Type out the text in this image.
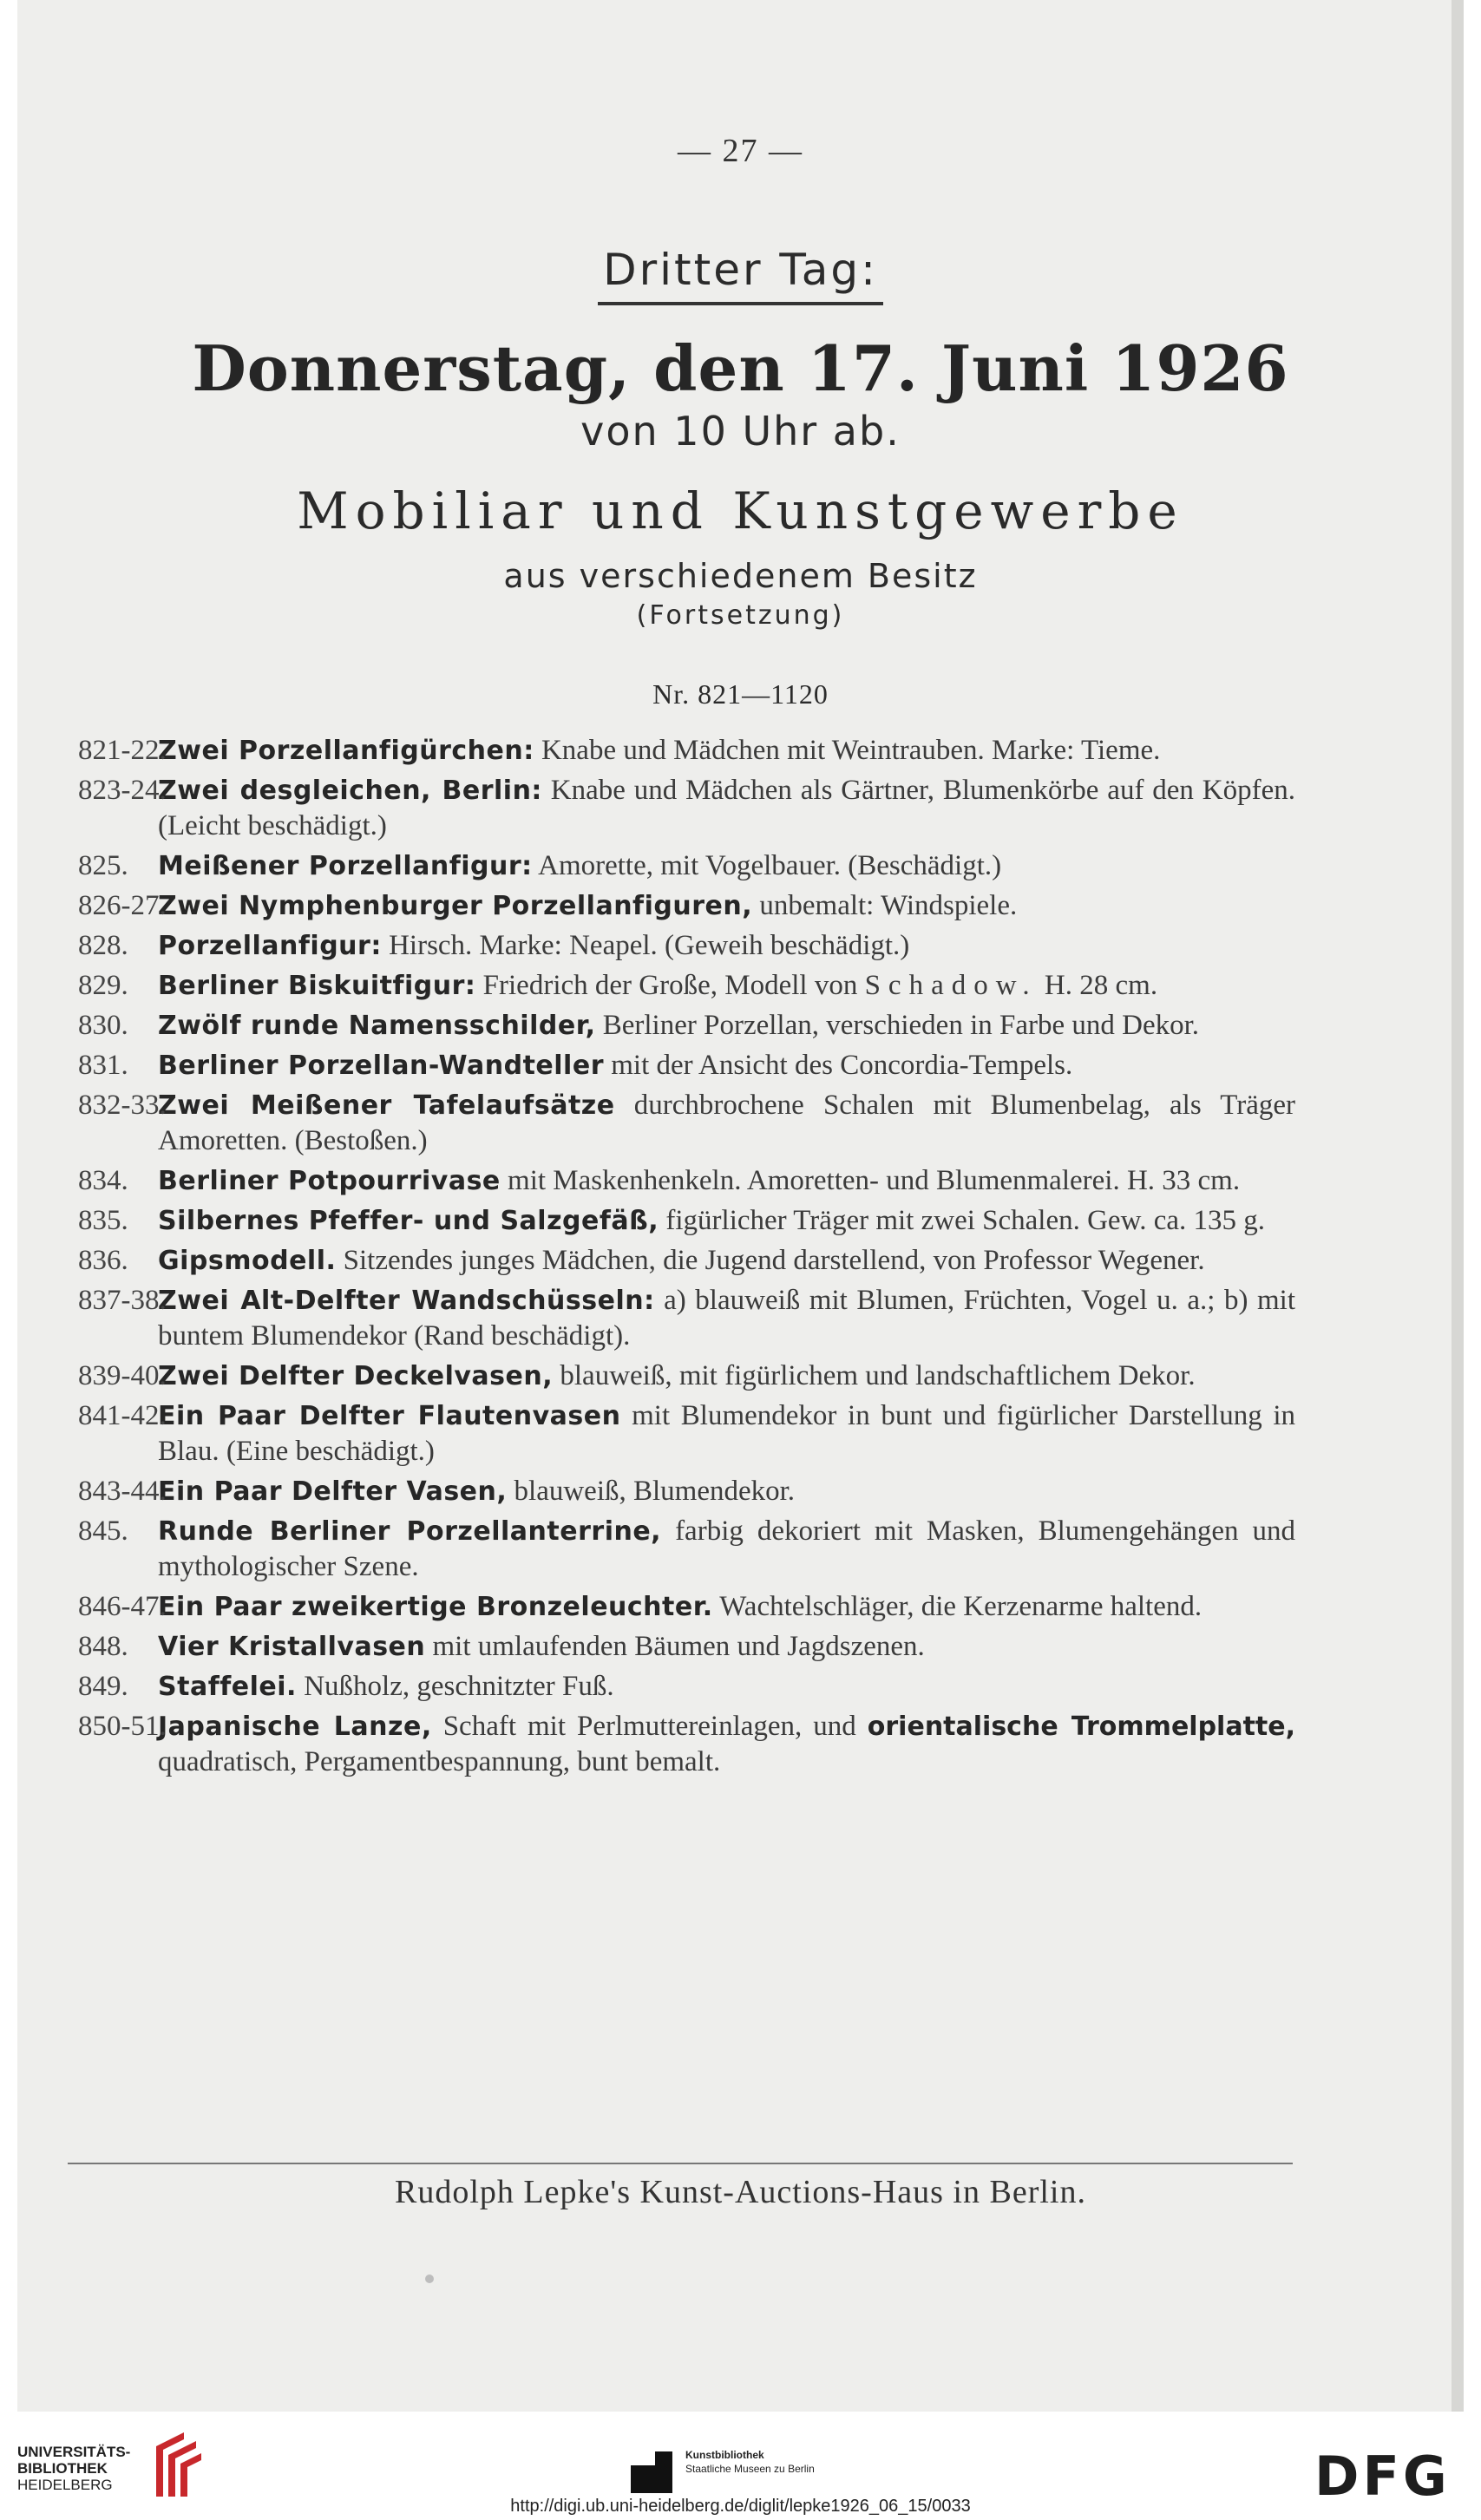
— 27 —
Dritter Tag:
Donnerstag, den 17. Juni 1926
von 10 Uhr ab.
Mobiliar und Kunstgewerbe
aus verschiedenem Besitz
(Fortsetzung)
Nr. 821—1120
821-22.
Zwei Porzellanfigürchen: Knabe und Mädchen mit Weintrauben. Marke: Tieme.
823-24.
Zwei desgleichen, Berlin: Knabe und Mädchen als Gärtner, Blumenkörbe auf den Köpfen. (Leicht beschädigt.)
825. Meißener Porzellanfigur: Amorette, mit Vogelbauer. (Beschädigt.)
826-27.
Zwei Nymphenburger Porzellanfiguren, unbemalt: Windspiele.
828. Porzellanfigur: Hirsch. Marke: Neapel. (Geweih beschädigt.)
829. Berliner Biskuitfigur: Friedrich der Große, Modell von Schadow. H. 28 cm.
830. Zwölf runde Namensschilder, Berliner Porzellan, verschieden in Farbe und Dekor.
831. Berliner Porzellan-Wandteller mit der Ansicht des Concordia-Tempels.
832-33.
Zwei Meißener Tafelaufsätze durchbrochene Schalen mit Blumenbelag, als Träger Amoretten. (Bestoßen.)
834. Berliner Potpourrivase mit Maskenhenkeln. Amoretten- und Blumenmalerei. H. 33 cm.
835. Silbernes Pfeffer- und Salzgefäß, figürlicher Träger mit zwei Schalen. Gew. ca. 135 g.
836. Gipsmodell. Sitzendes junges Mädchen, die Jugend darstellend, von Professor Wegener.
837-38.
Zwei Alt-Delfter Wandschüsseln: a) blauweiß mit Blumen, Früchten, Vogel u. a.; b) mit buntem Blumendekor (Rand beschädigt).
839-40.
Zwei Delfter Deckelvasen, blauweiß, mit figürlichem und landschaftlichem Dekor.
841-42.
Ein Paar Delfter Flautenvasen mit Blumendekor in bunt und figürlicher Darstellung in Blau. (Eine beschädigt.)
843-44.
Ein Paar Delfter Vasen, blauweiß, Blumendekor.
845. Runde Berliner Porzellanterrine, farbig dekoriert mit Masken, Blumengehängen und mythologischer Szene.
846-47.
Ein Paar zweikertige Bronzeleuchter. Wachtelschläger, die Kerzenarme haltend.
848. Vier Kristallvasen mit umlaufenden Bäumen und Jagdszenen.
849. Staffelei. Nußholz, geschnitzter Fuß.
850-51.
Japanische Lanze, Schaft mit Perlmuttereinlagen, und orientalische Trommelplatte, quadratisch, Pergamentbespannung, bunt bemalt.
Rudolph Lepke's Kunst-Auctions-Haus in Berlin.
UNIVERSITÄTS-
BIBLIOTHEK
HEIDELBERG
Kunstbibliothek
Staatliche Museen zu Berlin	DFG
http://digi.ub.uni-heidelberg.de/diglit/lepke1926_06_15/0033
